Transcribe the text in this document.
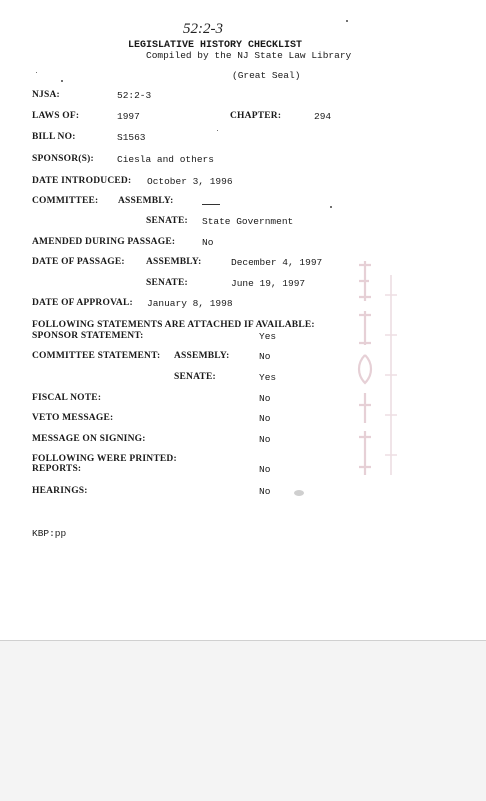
52:2-3
LEGISLATIVE HISTORY CHECKLIST
Compiled by the NJ State Law Library
(Great Seal)
NJSA:	52:2-3
LAWS OF:	1997	CHAPTER:	294
BILL NO:	S1563
SPONSOR(S): Ciesla and others
DATE INTRODUCED: October 3, 1996
COMMITTEE: ASSEMBLY:
SENATE: State Government
AMENDED DURING PASSAGE:	No
DATE OF PASSAGE: ASSEMBLY:	December 4, 1997
SENATE:	June 19, 1997
DATE OF APPROVAL: January 8, 1998
FOLLOWING STATEMENTS ARE ATTACHED IF AVAILABLE:
SPONSOR STATEMENT:	Yes
COMMITTEE STATEMENT: ASSEMBLY:	No
SENATE:	Yes
FISCAL NOTE:	No
VETO MESSAGE:	No
MESSAGE ON SIGNING:	No
FOLLOWING WERE PRINTED:
REPORTS:	No
HEARINGS:	No
KBP:pp
